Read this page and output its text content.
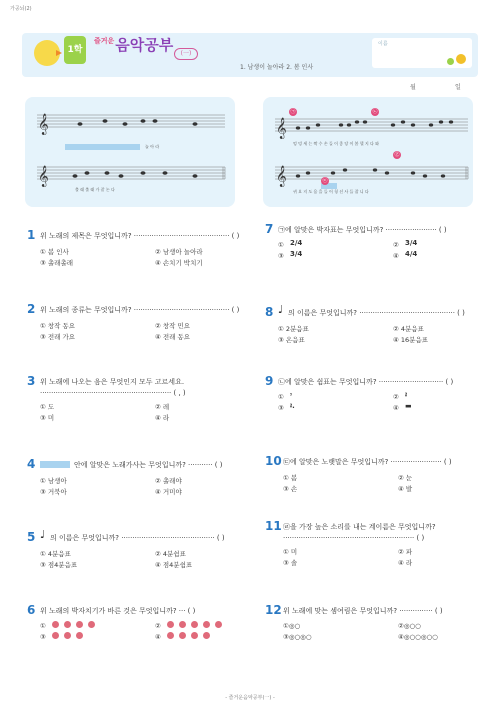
가공뇌(2)
1학
$^{즐거운}$음악공부	(一)
1. 남생이 놀아라 2. 봄 인사
이름
월	일
𝄞
𝄞
놀 아 라
촐 래 촐 래 가 잘 논 다
𝄞
𝄞
㉠	㉡
㉣
㉢
엉 덩 세 는 짝 수 손 들 이 좋 당 이 봄 헬 지 다 와
귀 요 지 도 음 을 들 어 청 선 사 들 잡 니 다
1 위 노래의 제목은 무엇입니까? ··········································· ( )
① 봄 인사	② 남생아 놀아라
③ 촐래촐래	④ 손치기 박치기
2 위 노래의 종류는 무엇입니까? ··········································· ( )
① 창작 동요	② 창작 민요
③ 전래 가요	④ 전래 동요
3 위 노래에 나오는 음은 무엇인지 모두 고르세요.
··························································· ( , )
① 도	② 레
③ 미	④ 라
4	안에 알맞은 노래가사는 무엇입니까? ··········· ( )
① 남생아	② 촐래야
③ 거북아	④ 거미야
5 ♩ 의 이름은 무엇입니까? ·········································· ( )
① 4분음표	② 4분쉼표
③ 점4분음표	④ 점4분쉼표
6 위 노래의 박자치기가 바른 것은 무엇입니까? ··· ( )
①	②
③	④
7 ㉠에 알맞은 박자표는 무엇입니까? ······················· ( )
① 2/4	② 3/4
③ 3/4	④ 4/4
8 ♩ 의 이름은 무엇입니까? ··········································· ( )
① 2분음표	② 4분음표
③ 온음표	④ 16분음표
9 ㉡에 알맞은 쉼표는 무엇입니까? ····························· ( )
① 𝄾	② 𝄽
③ 𝄽.	④ ▬
10 ㉢에 알맞은 노랫말은 무엇입니까? ······················· ( )
① 봄	② 눈
③ 손	④ 발
11 ㉣을 가장 높은 소리를 내는 계이름은 무엇입니까?
··························································· ( )
① 미	② 파
③ 솔	④ 라
12 위 노래에 맞는 셈여림은 무엇입니까? ··············· ( )
①◎○	②◎○○
③◎○◎○	④◎○○◎○○
- 즐거운음악공부(一) -
